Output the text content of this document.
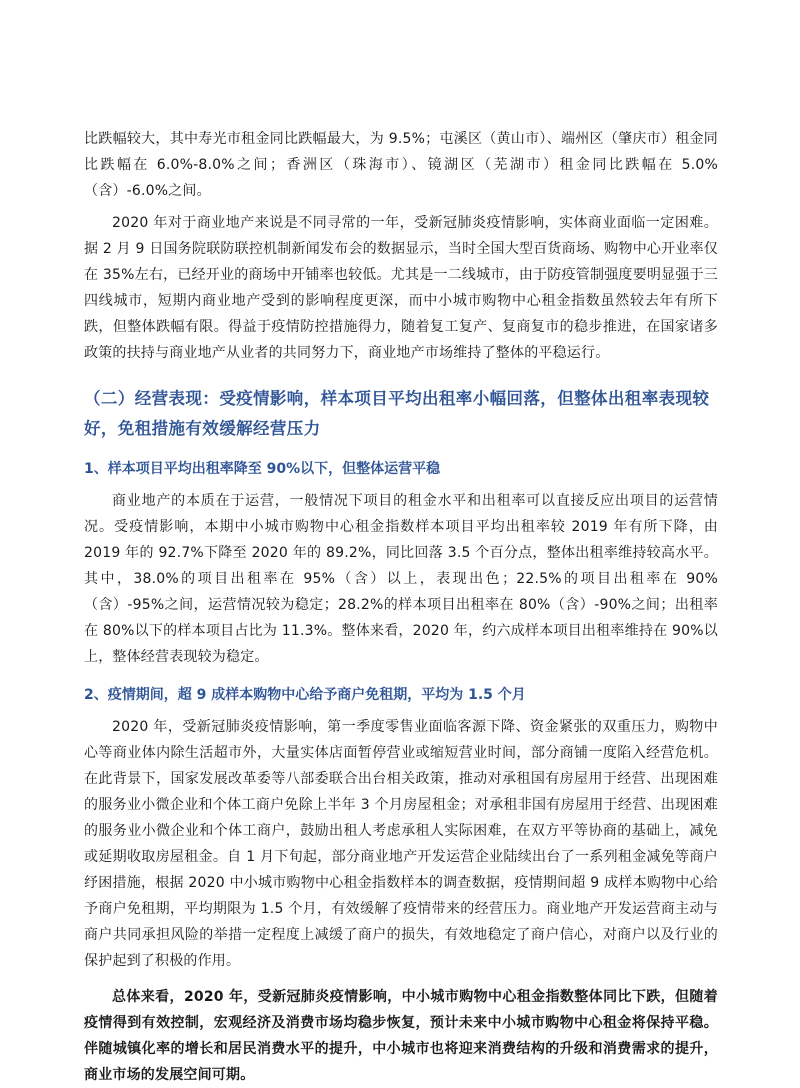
比跌幅较大，其中寿光市租金同比跌幅最大，为 9.5%；屯溪区（黄山市）、端州区（肇庆市）租金同比跌幅在 6.0%-8.0%之间；香洲区（珠海市）、镜湖区（芜湖市）租金同比跌幅在 5.0%（含）-6.0%之间。

2020 年对于商业地产来说是不同寻常的一年，受新冠肺炎疫情影响，实体商业面临一定困难。据 2 月 9 日国务院联防联控机制新闻发布会的数据显示，当时全国大型百货商场、购物中心开业率仅在 35%左右，已经开业的商场中开铺率也较低。尤其是一二线城市，由于防疫管制强度要明显强于三四线城市，短期内商业地产受到的影响程度更深，而中小城市购物中心租金指数虽然较去年有所下跌，但整体跌幅有限。得益于疫情防控措施得力，随着复工复产、复商复市的稳步推进，在国家诸多政策的扶持与商业地产从业者的共同努力下，商业地产市场维持了整体的平稳运行。

（二）经营表现：受疫情影响，样本项目平均出租率小幅回落，但整体出租率表现较好，免租措施有效缓解经营压力
1、样本项目平均出租率降至 90%以下，但整体运营平稳

商业地产的本质在于运营，一般情况下项目的租金水平和出租率可以直接反应出项目的运营情况。受疫情影响，本期中小城市购物中心租金指数样本项目平均出租率较 2019 年有所下降，由 2019 年的 92.7%下降至 2020 年的 89.2%，同比回落 3.5 个百分点，整体出租率维持较高水平。其中，38.0%的项目出租率在 95%（含）以上，表现出色；22.5%的项目出租率在 90%（含）-95%之间，运营情况较为稳定；28.2%的样本项目出租率在 80%（含）-90%之间；出租率在 80%以下的样本项目占比为 11.3%。整体来看，2020 年，约六成样本项目出租率维持在 90%以上，整体经营表现较为稳定。

2、疫情期间，超 9 成样本购物中心给予商户免租期，平均为 1.5 个月

2020 年，受新冠肺炎疫情影响，第一季度零售业面临客源下降、资金紧张的双重压力，购物中心等商业体内除生活超市外，大量实体店面暂停营业或缩短营业时间，部分商铺一度陷入经营危机。在此背景下，国家发展改革委等八部委联合出台相关政策，推动对承租国有房屋用于经营、出现困难的服务业小微企业和个体工商户免除上半年 3 个月房屋租金；对承租非国有房屋用于经营、出现困难的服务业小微企业和个体工商户，鼓励出租人考虑承租人实际困难，在双方平等协商的基础上，减免或延期收取房屋租金。自 1 月下旬起，部分商业地产开发运营企业陆续出台了一系列租金减免等商户纾困措施，根据 2020 中小城市购物中心租金指数样本的调查数据，疫情期间超 9 成样本购物中心给予商户免租期，平均期限为 1.5 个月，有效缓解了疫情带来的经营压力。商业地产开发运营商主动与商户共同承担风险的举措一定程度上减缓了商户的损失，有效地稳定了商户信心，对商户以及行业的保护起到了积极的作用。

总体来看，2020 年，受新冠肺炎疫情影响，中小城市购物中心租金指数整体同比下跌，但随着疫情得到有效控制，宏观经济及消费市场均稳步恢复，预计未来中小城市购物中心租金将保持平稳。伴随城镇化率的增长和居民消费水平的提升，中小城市也将迎来消费结构的升级和消费需求的提升，商业市场的发展空间可期。
